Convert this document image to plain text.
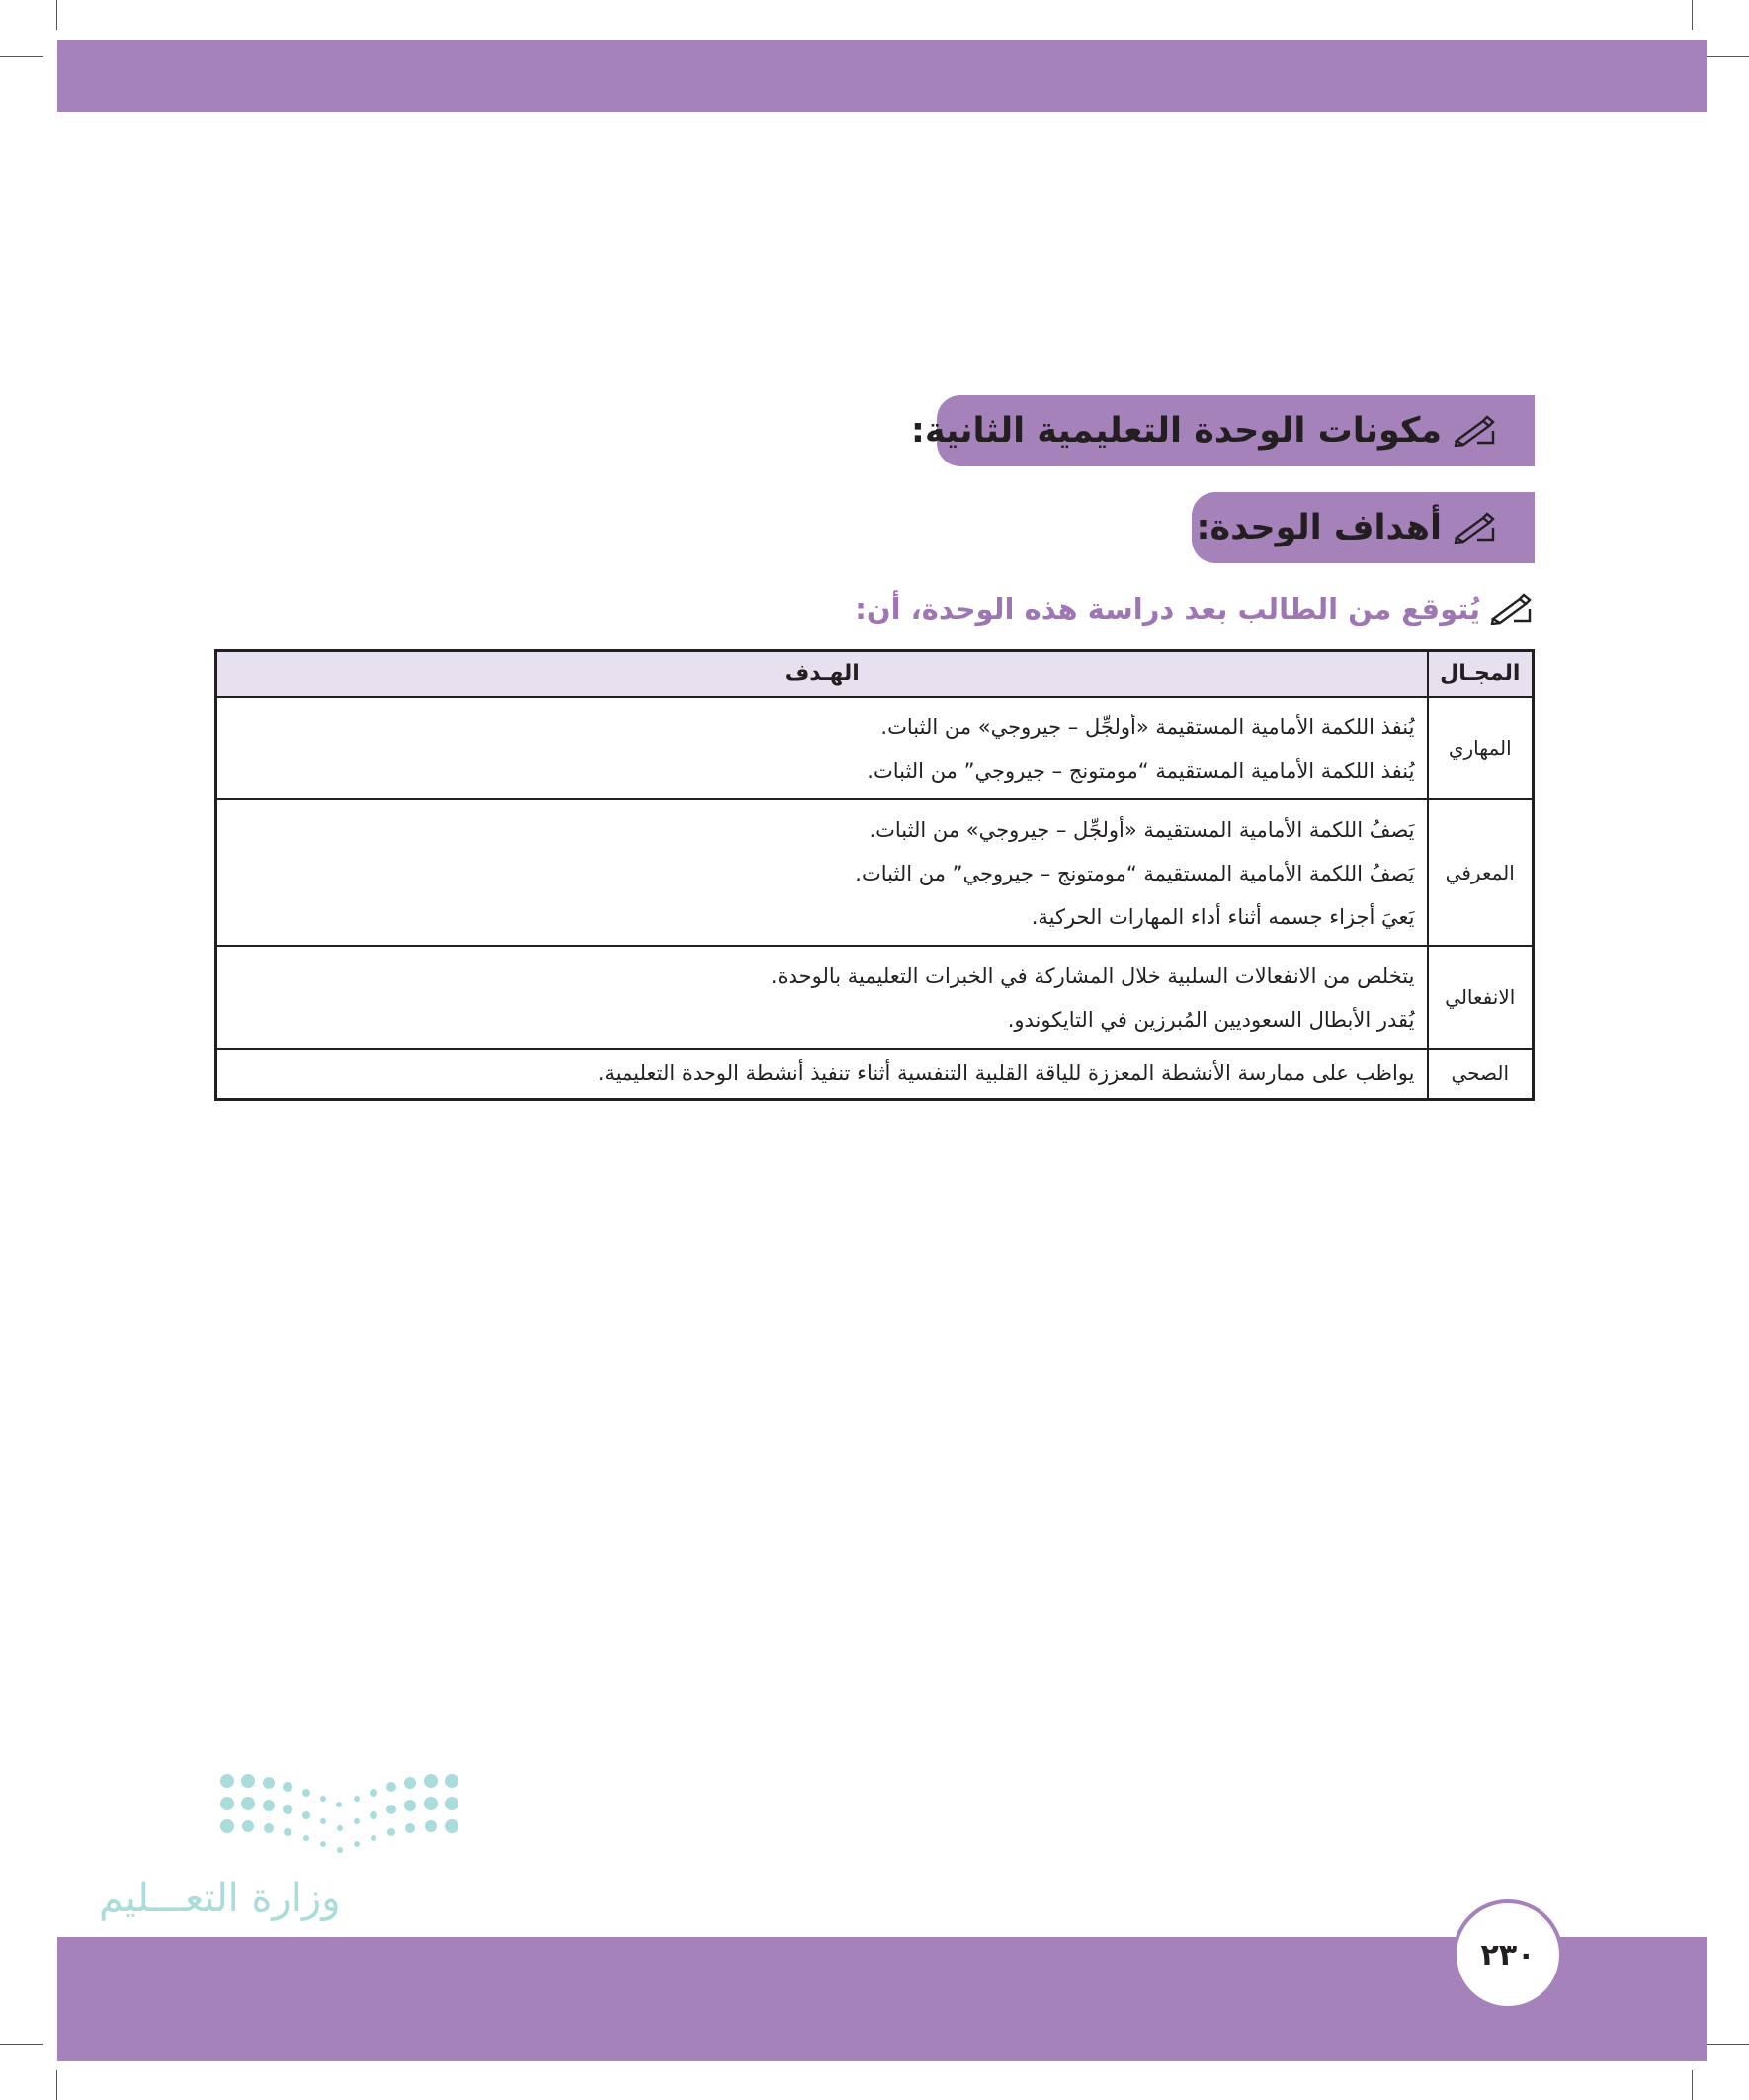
مكونات الوحدة التعليمية الثانية:
أهداف الوحدة:
يُتوقع من الطالب بعد دراسة هذه الوحدة، أن:
المجـال	الهـدف
المهاري	يُنفذ اللكمة الأمامية المستقيمة «أولجِّل – جيروجي» من الثبات.
يُنفذ اللكمة الأمامية المستقيمة “مومتونج – جيروجي” من الثبات.

المعرفي	يَصفُ اللكمة الأمامية المستقيمة «أولجِّل – جيروجي» من الثبات.
يَصفُ اللكمة الأمامية المستقيمة “مومتونج – جيروجي” من الثبات.
يَعيَ أجزاء جسمه أثناء أداء المهارات الحركية.

الانفعالي	يتخلص من الانفعالات السلبية خلال المشاركة في الخبرات التعليمية بالوحدة.
يُقدر الأبطال السعوديين المُبرزين في التايكوندو.

الصحي	يواظب على ممارسة الأنشطة المعززة للياقة القلبية التنفسية أثناء تنفيذ أنشطة الوحدة التعليمية.
وزارة التعـــليم
٢٣٠
